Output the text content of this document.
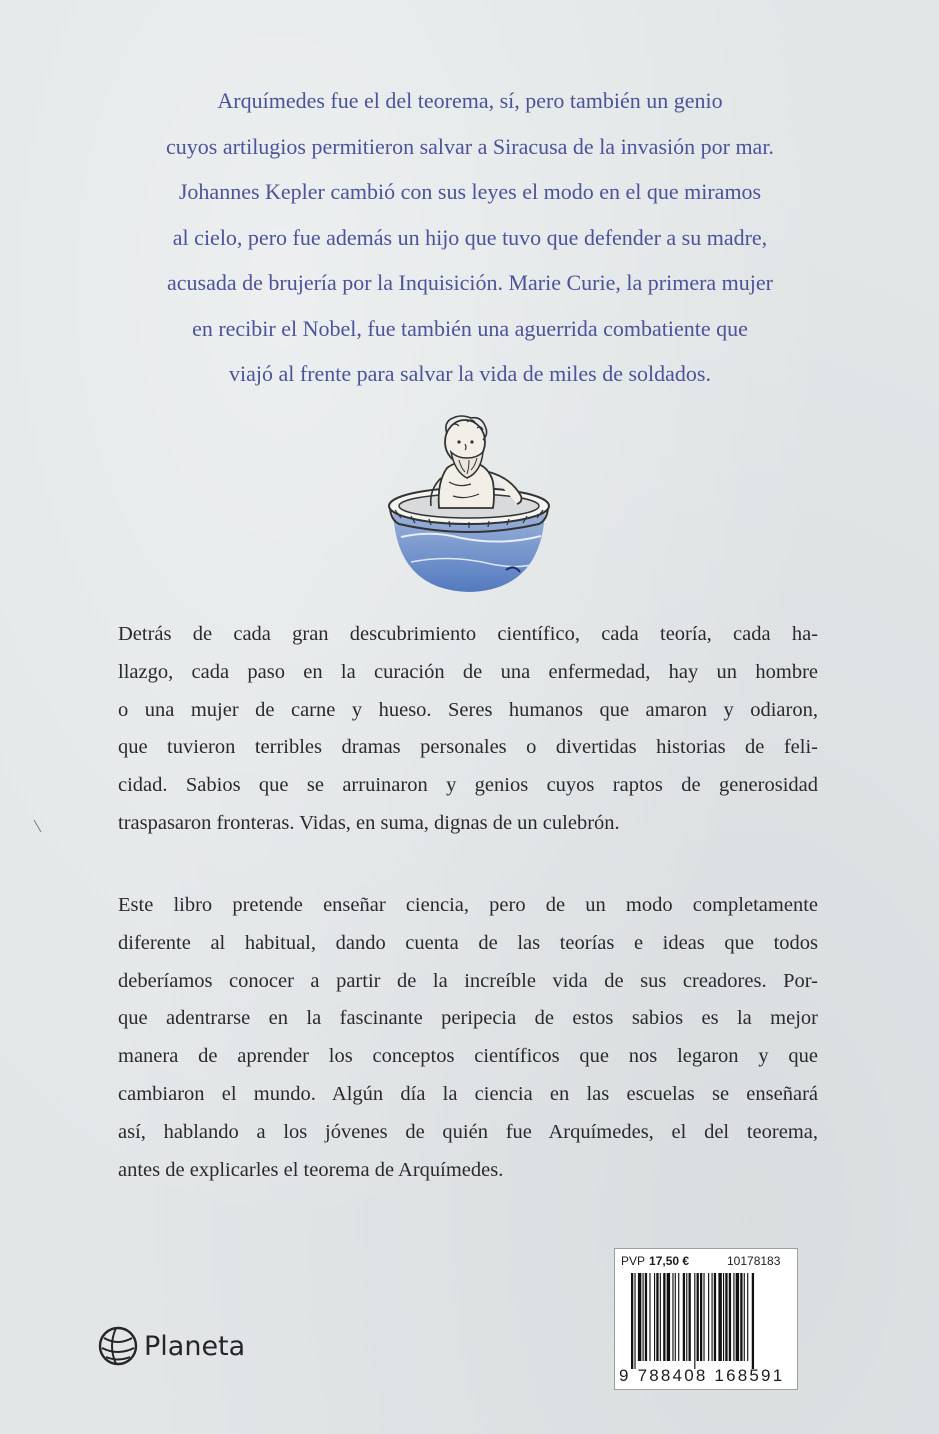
Arquímedes fue el del teorema, sí, pero también un genio
cuyos artilugios permitieron salvar a Siracusa de la invasión por mar.
Johannes Kepler cambió con sus leyes el modo en el que miramos
al cielo, pero fue además un hijo que tuvo que defender a su madre,
acusada de brujería por la Inquisición. Marie Curie, la primera mujer
en recibir el Nobel, fue también una aguerrida combatiente que
viajó al frente para salvar la vida de miles de soldados.
Detrás de cada gran descubrimiento científico, cada teoría, cada ha-
llazgo, cada paso en la curación de una enfermedad, hay un hombre
o una mujer de carne y hueso. Seres humanos que amaron y odiaron,
que tuvieron terribles dramas personales o divertidas historias de feli-
cidad. Sabios que se arruinaron y genios cuyos raptos de generosidad
traspasaron fronteras. Vidas, en suma, dignas de un culebrón.
Este libro pretende enseñar ciencia, pero de un modo completamente
diferente al habitual, dando cuenta de las teorías e ideas que todos
deberíamos conocer a partir de la increíble vida de sus creadores. Por-
que adentrarse en la fascinante peripecia de estos sabios es la mejor
manera de aprender los conceptos científicos que nos legaron y que
cambiaron el mundo. Algún día la ciencia en las escuelas se enseñará
así, hablando a los jóvenes de quién fue Arquímedes, el del teorema,
antes de explicarles el teorema de Arquímedes.
Planeta
PVP 17,50 €	10178183
9 788408 168591
